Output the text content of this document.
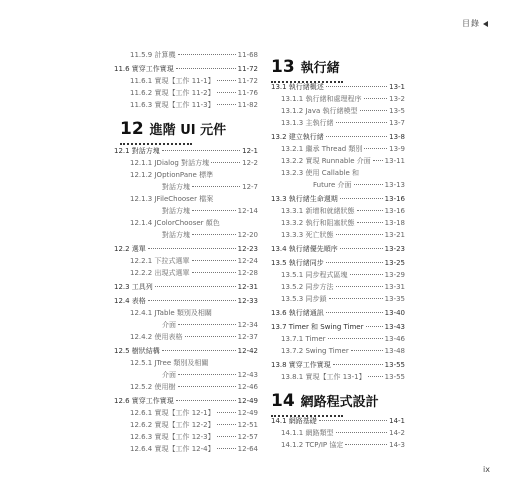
目錄
11.5.9 計算機	11-68
11.6 實穿工作實現	11-72
11.6.1 實現【工作 11-1】	11-72
11.6.2 實現【工作 11-2】	11-76
11.6.3 實現【工作 11-3】	11-82
12 進階 UI 元件
12.1 對話方塊	12-1
12.1.1 JDialog 對話方塊	12-2
12.1.2 JOptionPane 標準
對話方塊	12-7
12.1.3 JFileChooser 檔案
對話方塊	12-14
12.1.4 JColorChooser 顏色
對話方塊	12-20
12.2 選單	12-23
12.2.1 下拉式選單	12-24
12.2.2 出現式選單	12-28
12.3 工具列	12-31
12.4 表格	12-33
12.4.1 JTable 類別及相關
介面	12-34
12.4.2 使用表格	12-37
12.5 樹狀結構	12-42
12.5.1 JTree 類別及相關
介面	12-43
12.5.2 使用樹	12-46
12.6 實穿工作實現	12-49
12.6.1 實現【工作 12-1】	12-49
12.6.2 實現【工作 12-2】	12-51
12.6.3 實現【工作 12-3】	12-57
12.6.4 實現【工作 12-4】	12-64
13 執行緒
13.1 執行緒概述	13-1
13.1.1 執行緒和處理程序	13-2
13.1.2 Java 執行緒模型	13-5
13.1.3 主執行緒	13-7
13.2 建立執行緒	13-8
13.2.1 繼承 Thread 類別	13-9
13.2.2 實現 Runnable 介面 13-11
13.2.3 使用 Callable 和
Future 介面	13-13
13.3 執行緒生命週期	13-16
13.3.1 新增和就緒狀態	13-16
13.3.2 執行和阻塞狀態	13-18
13.3.3 死亡狀態	13-21
13.4 執行緒優先順序	13-23
13.5 執行緒同步	13-25
13.5.1 同步程式區塊	13-29
13.5.2 同步方法	13-31
13.5.3 同步鎖	13-35
13.6 執行緒通訊	13-40
13.7 Timer 和 Swing Timer	13-43
13.7.1 Timer	13-46
13.7.2 Swing Timer	13-48
13.8 實穿工作實現	13-55
13.8.1 實現【工作 13-1】	13-55
14 網路程式設計
14.1 網路基礎	14-1
14.1.1 網路類型	14-2
14.1.2 TCP/IP 協定	14-3
ix
